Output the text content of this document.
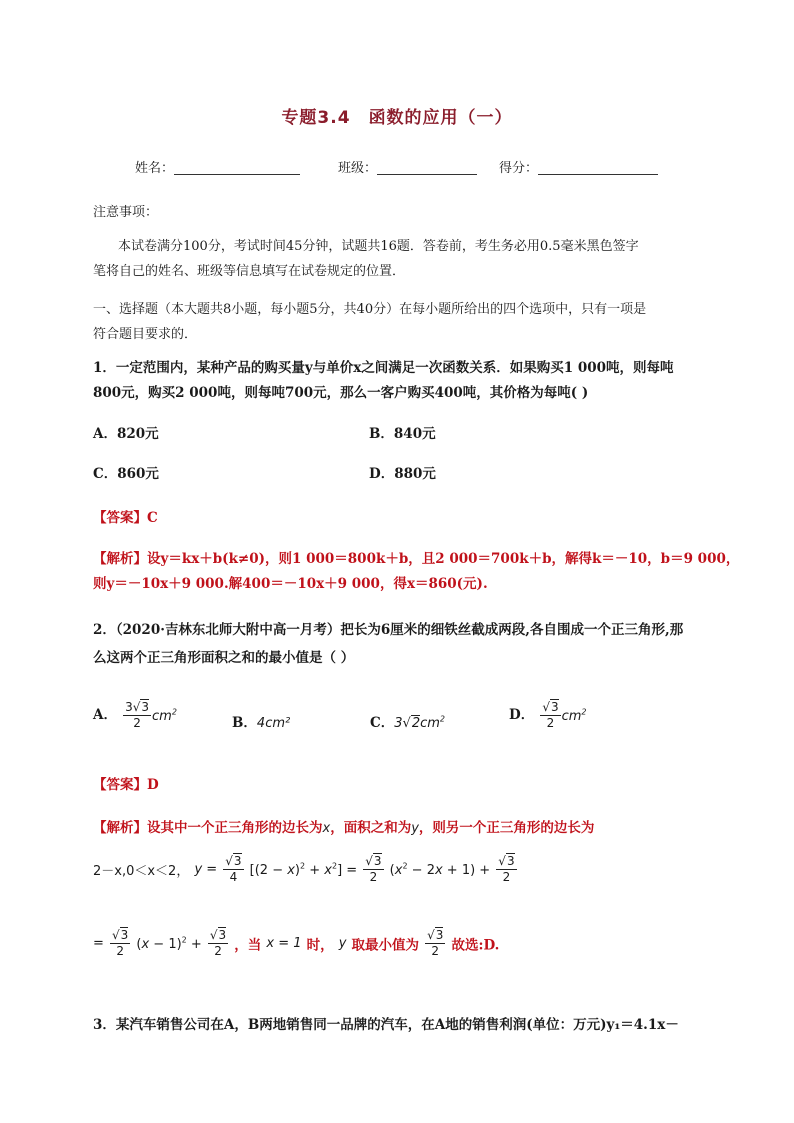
专题3.4 函数的应用（一）
姓名：	班级：	得分：
注意事项：
本试卷满分100分，考试时间45分钟，试题共16题．答卷前，考生务必用0.5毫米黑色签字
笔将自己的姓名、班级等信息填写在试卷规定的位置．
一、选择题（本大题共8小题，每小题5分，共40分）在每小题所给出的四个选项中，只有一项是
符合题目要求的．
1．一定范围内，某种产品的购买量y与单价x之间满足一次函数关系．如果购买1 000吨，则每吨
800元，购买2 000吨，则每吨700元，那么一客户购买400吨，其价格为每吨( )
A．820元	B．840元
C．860元	D．880元
【答案】C
【解析】设y＝kx＋b(k≠0)，则1 000＝800k＋b，且2 000＝700k＋b，解得k＝－10，b＝9 000，
则y＝－10x＋9 000.解400＝－10x＋9 000，得x＝860(元).
2．（2020·吉林东北师大附中高一月考）把长为6厘米的细铁丝截成两段,各自围成一个正三角形,那
么这两个正三角形面积之和的最小值是（ ）
A． $\frac{3√3}{2} cm^2$
B．4cm²	C．$3√2cm^2$	D． $\frac{√3}{2} cm^2$
【答案】D
【解析】设其中一个正三角形的边长为x，面积之和为y，则另一个正三角形的边长为
2－x,0＜x＜2， $y = \frac{√3}{4} [(2 - x)^2 + x^2] = \frac{√3}{2} (x^2 - 2x + 1) + \frac{√3}{2}$
= $\frac{√3}{2} (x - 1)^2 + \frac{√3}{2}$ ，当 x = 1 时， y 取最小值为 $\frac{√3}{2}$ 故选:D.
3．某汽车销售公司在A，B两地销售同一品牌的汽车，在A地的销售利润(单位：万元)y₁＝4.1x－
